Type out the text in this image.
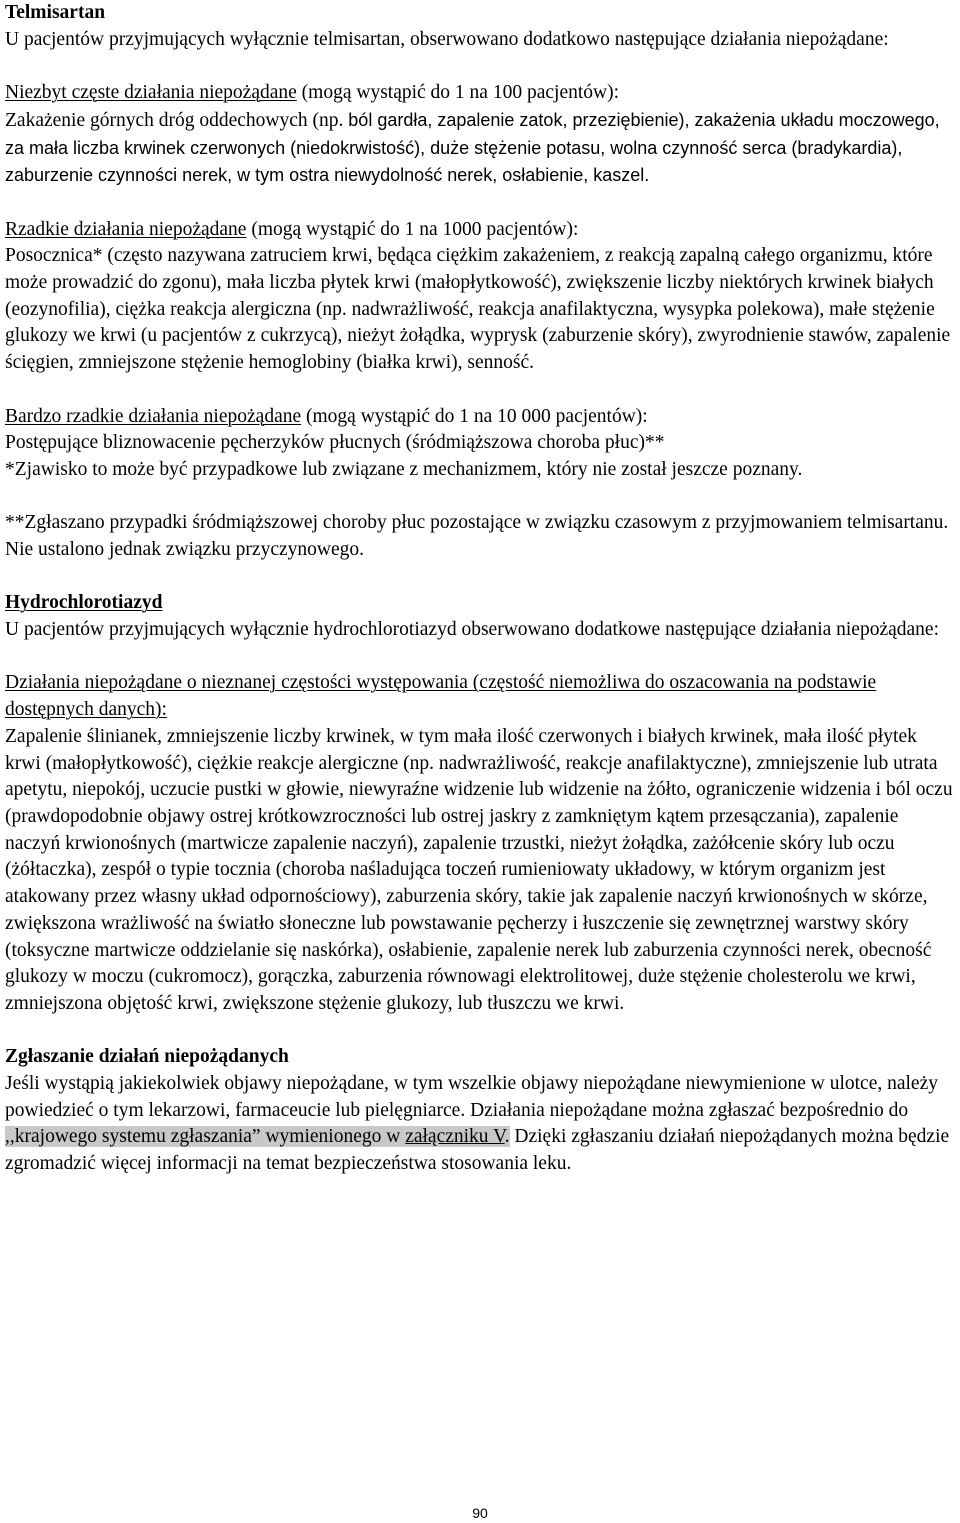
Telmisartan

U pacjentów przyjmujących wyłącznie telmisartan, obserwowano dodatkowo następujące działania niepożądane:

Niezbyt częste działania niepożądane (mogą wystąpić do 1 na 100 pacjentów):

Zakażenie górnych dróg oddechowych (np. ból gardła, zapalenie zatok, przeziębienie), zakażenia układu moczowego, za mała liczba krwinek czerwonych (niedokrwistość), duże stężenie potasu, wolna czynność serca (bradykardia), zaburzenie czynności nerek, w tym ostra niewydolność nerek, osłabienie, kaszel.

Rzadkie działania niepożądane (mogą wystąpić do 1 na 1000 pacjentów):

Posocznica* (często nazywana zatruciem krwi, będąca ciężkim zakażeniem, z reakcją zapalną całego organizmu, które może prowadzić do zgonu), mała liczba płytek krwi (małopłytkowość), zwiększenie liczby niektórych krwinek białych (eozynofilia), ciężka reakcja alergiczna (np. nadwrażliwość, reakcja anafilaktyczna, wysypka polekowa), małe stężenie glukozy we krwi (u pacjentów z cukrzycą), nieżyt żołądka, wyprysk (zaburzenie skóry), zwyrodnienie stawów, zapalenie ścięgien, zmniejszone stężenie hemoglobiny (białka krwi), senność.

Bardzo rzadkie działania niepożądane (mogą wystąpić do 1 na 10 000 pacjentów):

Postępujące bliznowacenie pęcherzyków płucnych (śródmiąższowa choroba płuc)**

*Zjawisko to może być przypadkowe lub związane z mechanizmem, który nie został jeszcze poznany.

**Zgłaszano przypadki śródmiąższowej choroby płuc pozostające w związku czasowym z przyjmowaniem telmisartanu. Nie ustalono jednak związku przyczynowego.

Hydrochlorotiazyd

U pacjentów przyjmujących wyłącznie hydrochlorotiazyd obserwowano dodatkowe następujące działania niepożądane:

Działania niepożądane o nieznanej częstości występowania (częstość niemożliwa do oszacowania na podstawie dostępnych danych):

Zapalenie ślinianek, zmniejszenie liczby krwinek, w tym mała ilość czerwonych i białych krwinek, mała ilość płytek krwi (małopłytkowość), ciężkie reakcje alergiczne (np. nadwrażliwość, reakcje anafilaktyczne), zmniejszenie lub utrata apetytu, niepokój, uczucie pustki w głowie, niewyraźne widzenie lub widzenie na żółto, ograniczenie widzenia i ból oczu (prawdopodobnie objawy ostrej krótkowzroczności lub ostrej jaskry z zamkniętym kątem przesączania), zapalenie naczyń krwionośnych (martwicze zapalenie naczyń), zapalenie trzustki, nieżyt żołądka, zażółcenie skóry lub oczu (żółtaczka), zespół o typie tocznia (choroba naśladująca toczeń rumieniowaty układowy, w którym organizm jest atakowany przez własny układ odpornościowy), zaburzenia skóry, takie jak zapalenie naczyń krwionośnych w skórze, zwiększona wrażliwość na światło słoneczne lub powstawanie pęcherzy i łuszczenie się zewnętrznej warstwy skóry (toksyczne martwicze oddzielanie się naskórka), osłabienie, zapalenie nerek lub zaburzenia czynności nerek, obecność glukozy w moczu (cukromocz), gorączka, zaburzenia równowagi elektrolitowej, duże stężenie cholesterolu we krwi, zmniejszona objętość krwi, zwiększone stężenie glukozy, lub tłuszczu we krwi.

Zgłaszanie działań niepożądanych

Jeśli wystąpią jakiekolwiek objawy niepożądane, w tym wszelkie objawy niepożądane niewymienione w ulotce, należy powiedzieć o tym lekarzowi, farmaceucie lub pielęgniarce. Działania niepożądane można zgłaszać bezpośrednio do ,,krajowego systemu zgłaszania” wymienionego w załączniku V. Dzięki zgłaszaniu działań niepożądanych można będzie zgromadzić więcej informacji na temat bezpieczeństwa stosowania leku.

90
